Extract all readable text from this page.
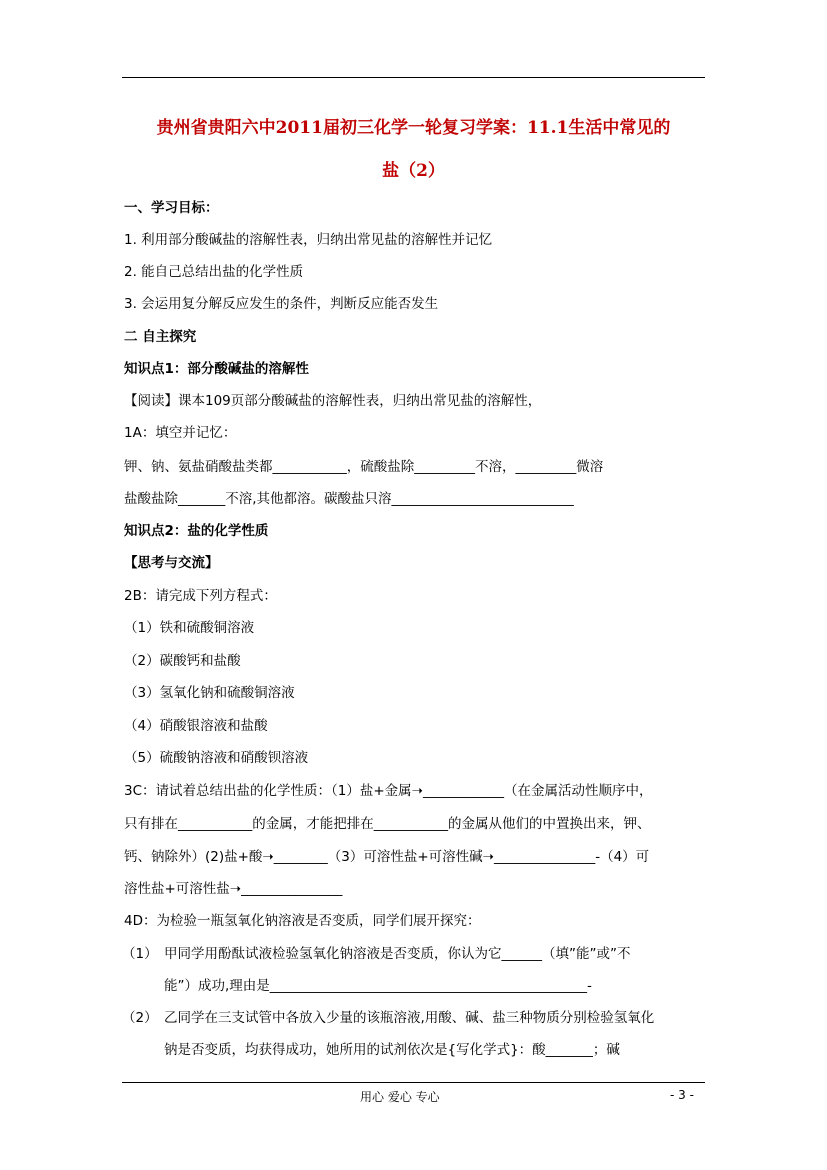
贵州省贵阳六中2011届初三化学一轮复习学案：11.1生活中常见的
盐（2）
一、学习目标：
1. 利用部分酸碱盐的溶解性表，归纳出常见盐的溶解性并记忆
2. 能自己总结出盐的化学性质
3. 会运用复分解反应发生的条件，判断反应能否发生
二 自主探究
知识点1：部分酸碱盐的溶解性
【阅读】课本109页部分酸碱盐的溶解性表，归纳出常见盐的溶解性，
1A：填空并记忆：
钾、钠、氨盐硝酸盐类都___________，硫酸盐除_________不溶，_________微溶
盐酸盐除_______不溶,其他都溶。碳酸盐只溶___________________________
知识点2：盐的化学性质
【思考与交流】
2B：请完成下列方程式：
（1）铁和硫酸铜溶液
（2）碳酸钙和盐酸
（3）氢氧化钠和硫酸铜溶液
（4）硝酸银溶液和盐酸
（5）硫酸钠溶液和硝酸钡溶液
3C：请试着总结出盐的化学性质：（1）盐+金属➝____________（在金属活动性顺序中，
只有排在___________的金属，才能把排在___________的金属从他们的中置换出来，钾、
钙、钠除外）(2)盐+酸➝________（3）可溶性盐+可溶性碱➝_______________-（4）可
溶性盐+可溶性盐➝_______________
4D：为检验一瓶氢氧化钠溶液是否变质，同学们展开探究：
（1） 甲同学用酚酞试液检验氢氧化钠溶液是否变质，你认为它______（填”能”或”不
能”）成功,理由是_______________________________________________-
（2） 乙同学在三支试管中各放入少量的该瓶溶液,用酸、碱、盐三种物质分别检验氢氧化
钠是否变质，均获得成功，她所用的试剂依次是{写化学式}：酸_______；碱
用心 爱心 专心	- 3 -
